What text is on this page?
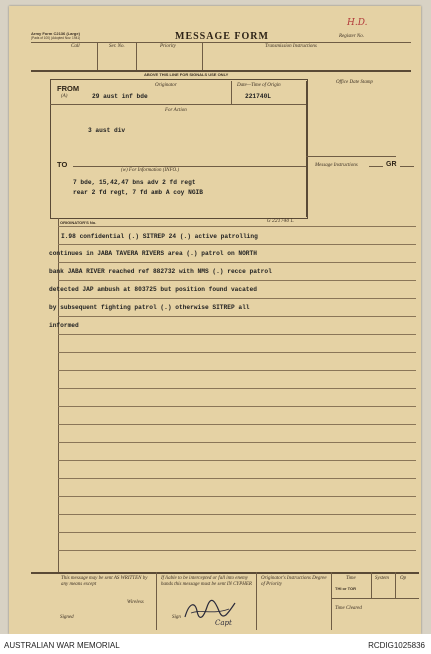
Army Form C2136 (Large)
(Pads of 100) (Adopted Nov. 1941)	MESSAGE FORM	Register No.
H.D.
Call	Ser. No.	Priority	Transmission Instructions
ABOVE THIS LINE FOR SIGNALS USE ONLY
Office Date Stamp
FROM
(A)
Originator
29 aust inf bde
Date—Time of Origin
221740L
For Action
3 aust div
TO
(w) For Information (INFO.)
7 bde, 15,42,47 bns adv 2 fd regt
rear 2 fd regt, 7 fd amb A coy NGIB
Message Instructions	GR
ORIGINATOR'S No.	G 221740 L
I.98 confidential (.) SITREP 24 (.) active patrolling
continues in JABA TAVERA RIVERS area (.) patrol on NORTH
bank JABA RIVER reached ref 882732 with NMS (.) recce patrol
detected JAP ambush at 803725 but position found vacated
by subsequent fighting patrol (.) otherwise SITREP all
informed
This message may be sent AS WRITTEN by any means except
Wireless
Signed
If liable to be intercepted or fall into enemy hands this message must be sent IN CYPHER
Sign
Capt
Originator's Instructions Degree of Priority
Time	System Op
THI or TOR
Time Cleared
AUSTRALIAN WAR MEMORIAL	RCDIG1025836
